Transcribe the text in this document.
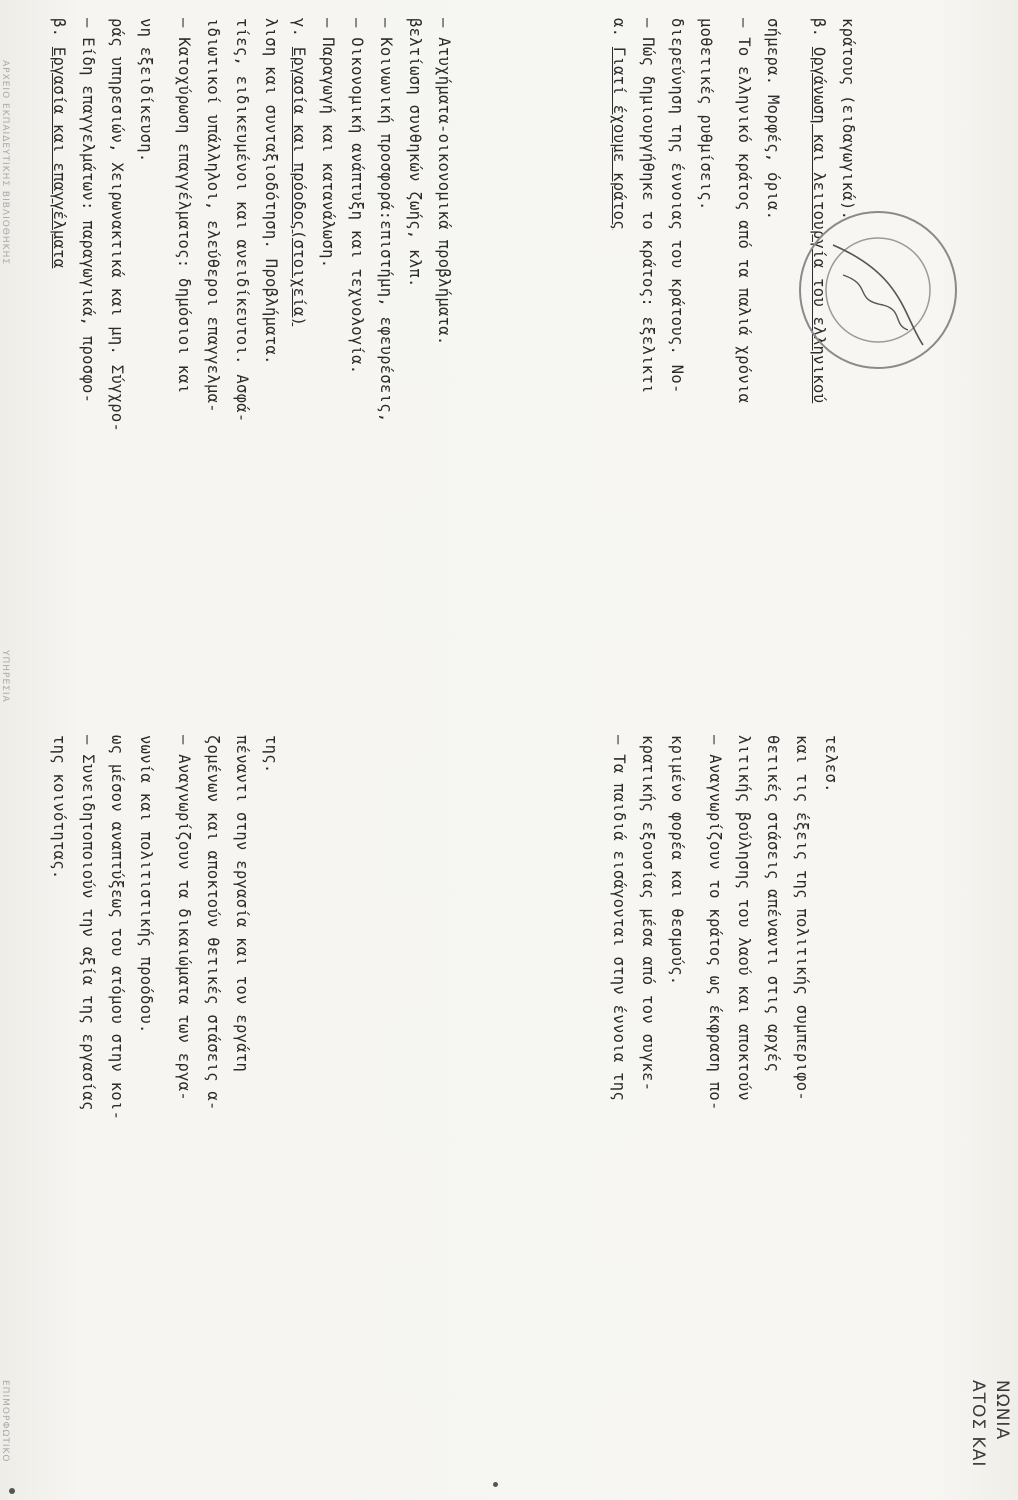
ΕΠΙΜΟΡΦΩΤΙΚΟ
ΥΠΗΡΕΣΙΑ
ΑΡΧΕΙΟ ΕΚΠΑΙΔΕΥΤΙΚΗΣ ΒΙΒΛΙΟΘΗΚΗΣ
ΑΤΟΣ ΚΑΙ ΝΩΝΙΑ
της κοινότητας. – Συνειδητοποιούν την αξία της εργασίας ως μέσον αναπτύξεως του ατόμου στην κοι- νωνία και πολιτιστικής προόδου. – Αναγνωρίζουν τα δικαιώματα των εργα- ζομένων και αποκτούν θετικές στάσεις α- πέναντι στην εργασία και τον εργάτη της.	– Τα παιδιά εισάγονται στην έννοια της κρατικής εξουσίας μέσα από τον συγκε- κριμένο φορέα και θεσμούς. – Αναγνωρίζουν το κράτος ως έκφραση πο- λιτικής βούλησης του λαού και αποκτούν θετικές στάσεις απέναντι στις αρχές και τις έξεις της πολιτικής συμπεριφο- τελεσ.
β. Εργασία και επαγγέλματα – Είδη επαγγελμάτων: παραγωγικά, προσφο- ράς υπηρεσιών, Χειρωνακτικά και μη. Σύγχρο- νη εξειδίκευση. – Κατοχύρωση επαγγέλματος: δημόσιοι και ιδιωτικοί υπάλληλοι, ελεύθεροι επαγγελμα- τίες, ειδικευμένοι και ανειδίκευτοι. Ασφά- λιση και συνταξιοδότηση. Προβλήματα. γ. Εργασία και πρόοδος(στοιχεία) – Παραγωγή και κατανάλωση. – Οικονομική ανάπτυξη και τεχνολογία. – Κοινωνική προσφορά:επιστήμη, εφευρέσεις, βελτίωση συνθηκών ζωής, κλπ. – Ατυχήματα-οικονομικά προβλήματα.	α. Γιατί έχουμε κράτος – Πώς δημιουργήθηκε το κράτος: εξελικτι διερεύνηση της έννοιας του κράτους. Νο- μοθετικές ρυθμίσεις. – Το ελληνικό κράτος από τα παλιά χρόνια σήμερα. Μορφές, όρια. β. Οργάνωση και λειτουργία του ελληνικού κράτους (ειδαγωγικά).
